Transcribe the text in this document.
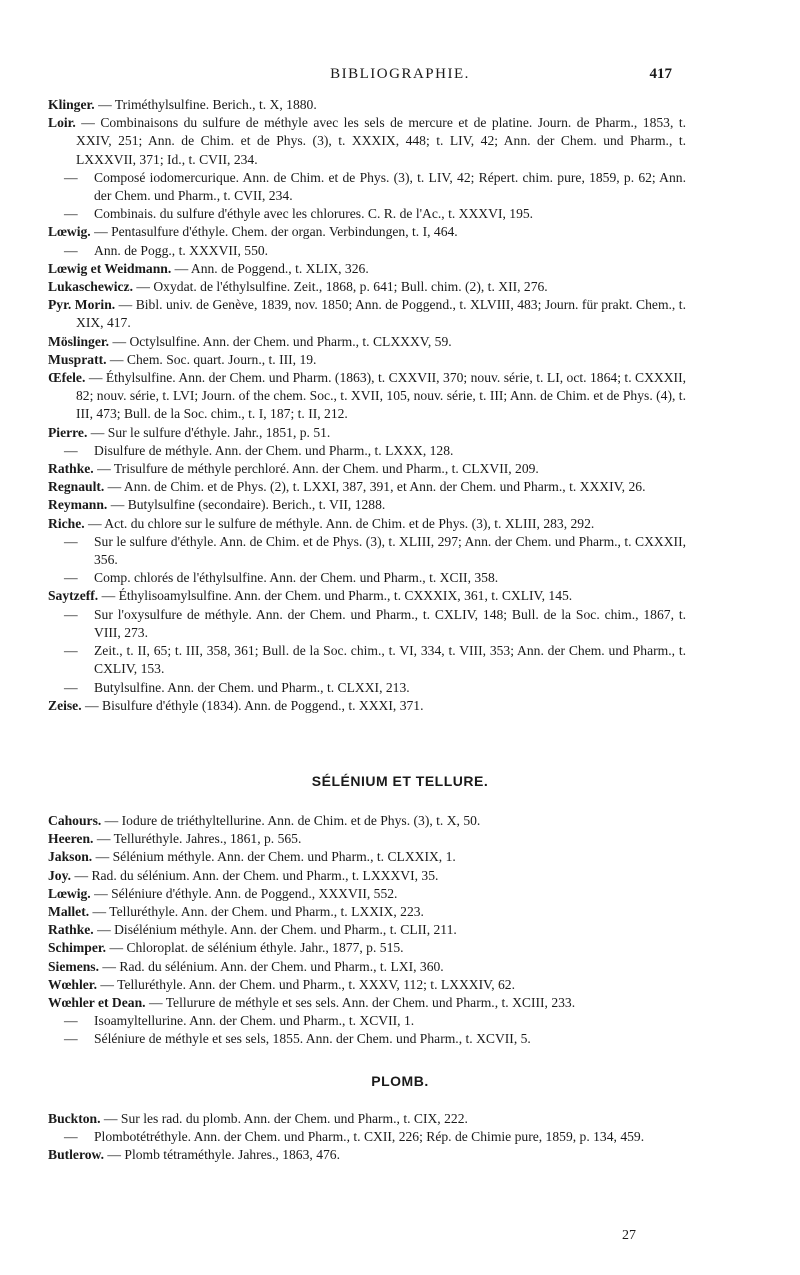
BIBLIOGRAPHIE.	417
Klinger. — Triméthylsulfine. Berich., t. X, 1880.
Loir. — Combinaisons du sulfure de méthyle avec les sels de mercure et de platine. Journ. de Pharm., 1853, t. XXIV, 251; Ann. de Chim. et de Phys. (3), t. XXXIX, 448; t. LIV, 42; Ann. der Chem. und Pharm., t. LXXXVII, 371; Id., t. CVII, 234.
— Composé iodomercurique. Ann. de Chim. et de Phys. (3), t. LIV, 42; Répert. chim. pure, 1859, p. 62; Ann. der Chem. und Pharm., t. CVII, 234.
— Combinais. du sulfure d'éthyle avec les chlorures. C. R. de l'Ac., t. XXXVI, 195.
Lœwig. — Pentasulfure d'éthyle. Chem. der organ. Verbindungen, t. I, 464.
— Ann. de Pogg., t. XXXVII, 550.
Lœwig et Weidmann. — Ann. de Poggend., t. XLIX, 326.
Lukaschewicz. — Oxydat. de l'éthylsulfine. Zeit., 1868, p. 641; Bull. chim. (2), t. XII, 276.
Pyr. Morin. — Bibl. univ. de Genève, 1839, nov. 1850; Ann. de Poggend., t. XLVIII, 483; Journ. für prakt. Chem., t. XIX, 417.
Möslinger. — Octylsulfine. Ann. der Chem. und Pharm., t. CLXXXV, 59.
Muspratt. — Chem. Soc. quart. Journ., t. III, 19.
Œfele. — Éthylsulfine. Ann. der Chem. und Pharm. (1863), t. CXXVII, 370; nouv. série, t. LI, oct. 1864; t. CXXXII, 82; nouv. série, t. LVI; Journ. of the chem. Soc., t. XVII, 105, nouv. série, t. III; Ann. de Chim. et de Phys. (4), t. III, 473; Bull. de la Soc. chim., t. I, 187; t. II, 212.
Pierre. — Sur le sulfure d'éthyle. Jahr., 1851, p. 51.
— Disulfure de méthyle. Ann. der Chem. und Pharm., t. LXXX, 128.
Rathke. — Trisulfure de méthyle perchloré. Ann. der Chem. und Pharm., t. CLXVII, 209.
Regnault. — Ann. de Chim. et de Phys. (2), t. LXXI, 387, 391, et Ann. der Chem. und Pharm., t. XXXIV, 26.
Reymann. — Butylsulfine (secondaire). Berich., t. VII, 1288.
Riche. — Act. du chlore sur le sulfure de méthyle. Ann. de Chim. et de Phys. (3), t. XLIII, 283, 292.
— Sur le sulfure d'éthyle. Ann. de Chim. et de Phys. (3), t. XLIII, 297; Ann. der Chem. und Pharm., t. CXXXII, 356.
— Comp. chlorés de l'éthylsulfine. Ann. der Chem. und Pharm., t. XCII, 358.
Saytzeff. — Éthylisoamylsulfine. Ann. der Chem. und Pharm., t. CXXXIX, 361, t. CXLIV, 145.
— Sur l'oxysulfure de méthyle. Ann. der Chem. und Pharm., t. CXLIV, 148; Bull. de la Soc. chim., 1867, t. VIII, 273.
— Zeit., t. II, 65; t. III, 358, 361; Bull. de la Soc. chim., t. VI, 334, t. VIII, 353; Ann. der Chem. und Pharm., t. CXLIV, 153.
— Butylsulfine. Ann. der Chem. und Pharm., t. CLXXI, 213.
Zeise. — Bisulfure d'éthyle (1834). Ann. de Poggend., t. XXXI, 371.
SÉLÉNIUM ET TELLURE.
Cahours. — Iodure de triéthyltellurine. Ann. de Chim. et de Phys. (3), t. X, 50.
Heeren. — Telluréthyle. Jahres., 1861, p. 565.
Jakson. — Sélénium méthyle. Ann. der Chem. und Pharm., t. CLXXIX, 1.
Joy. — Rad. du sélénium. Ann. der Chem. und Pharm., t. LXXXVI, 35.
Lœwig. — Séléniure d'éthyle. Ann. de Poggend., XXXVII, 552.
Mallet. — Telluréthyle. Ann. der Chem. und Pharm., t. LXXIX, 223.
Rathke. — Disélénium méthyle. Ann. der Chem. und Pharm., t. CLII, 211.
Schimper. — Chloroplat. de sélénium éthyle. Jahr., 1877, p. 515.
Siemens. — Rad. du sélénium. Ann. der Chem. und Pharm., t. LXI, 360.
Wœhler. — Telluréthyle. Ann. der Chem. und Pharm., t. XXXV, 112; t. LXXXIV, 62.
Wœhler et Dean. — Tellurure de méthyle et ses sels. Ann. der Chem. und Pharm., t. XCIII, 233.
— Isoamyltellurine. Ann. der Chem. und Pharm., t. XCVII, 1.
— Séléniure de méthyle et ses sels, 1855. Ann. der Chem. und Pharm., t. XCVII, 5.
PLOMB.
Buckton. — Sur les rad. du plomb. Ann. der Chem. und Pharm., t. CIX, 222.
— Plombotétréthyle. Ann. der Chem. und Pharm., t. CXII, 226; Rép. de Chimie pure, 1859, p. 134, 459.
Butlerow. — Plomb tétraméthyle. Jahres., 1863, 476.
27
